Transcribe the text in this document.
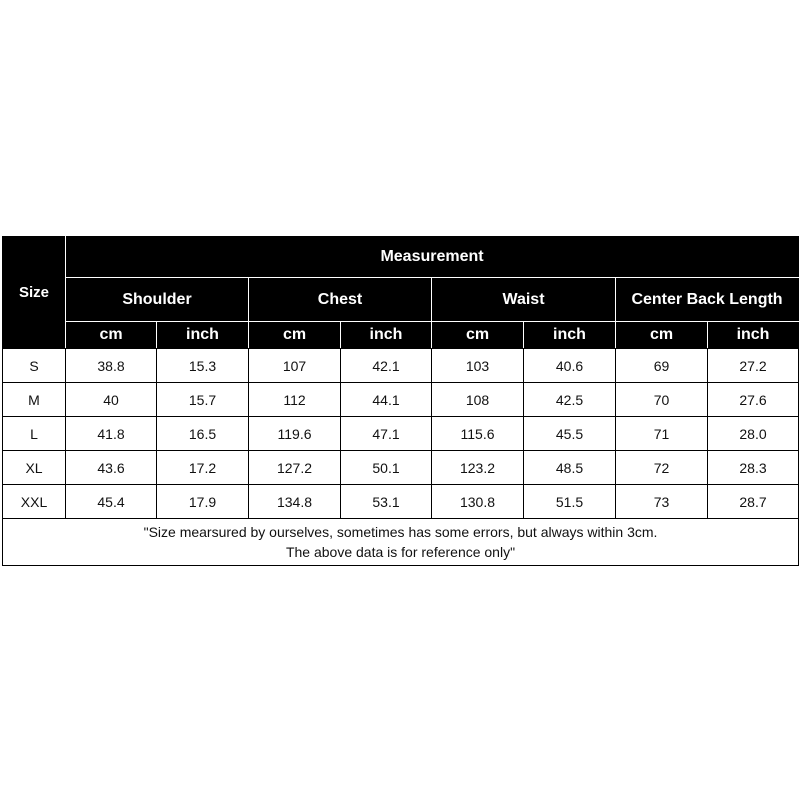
Size	Measurement							
	Shoulder		Chest		Waist		Center Back Length	
	cm	inch	cm	inch	cm	inch	cm	inch
S	38.8	15.3	107	42.1	103	40.6	69	27.2
M	40	15.7	112	44.1	108	42.5	70	27.6
L	41.8	16.5	119.6	47.1	115.6	45.5	71	28.0
XL	43.6	17.2	127.2	50.1	123.2	48.5	72	28.3
XXL	45.4	17.9	134.8	53.1	130.8	51.5	73	28.7

"Size mearsured by ourselves, sometimes has some errors, but always within 3cm.
The above data is for reference only"								
